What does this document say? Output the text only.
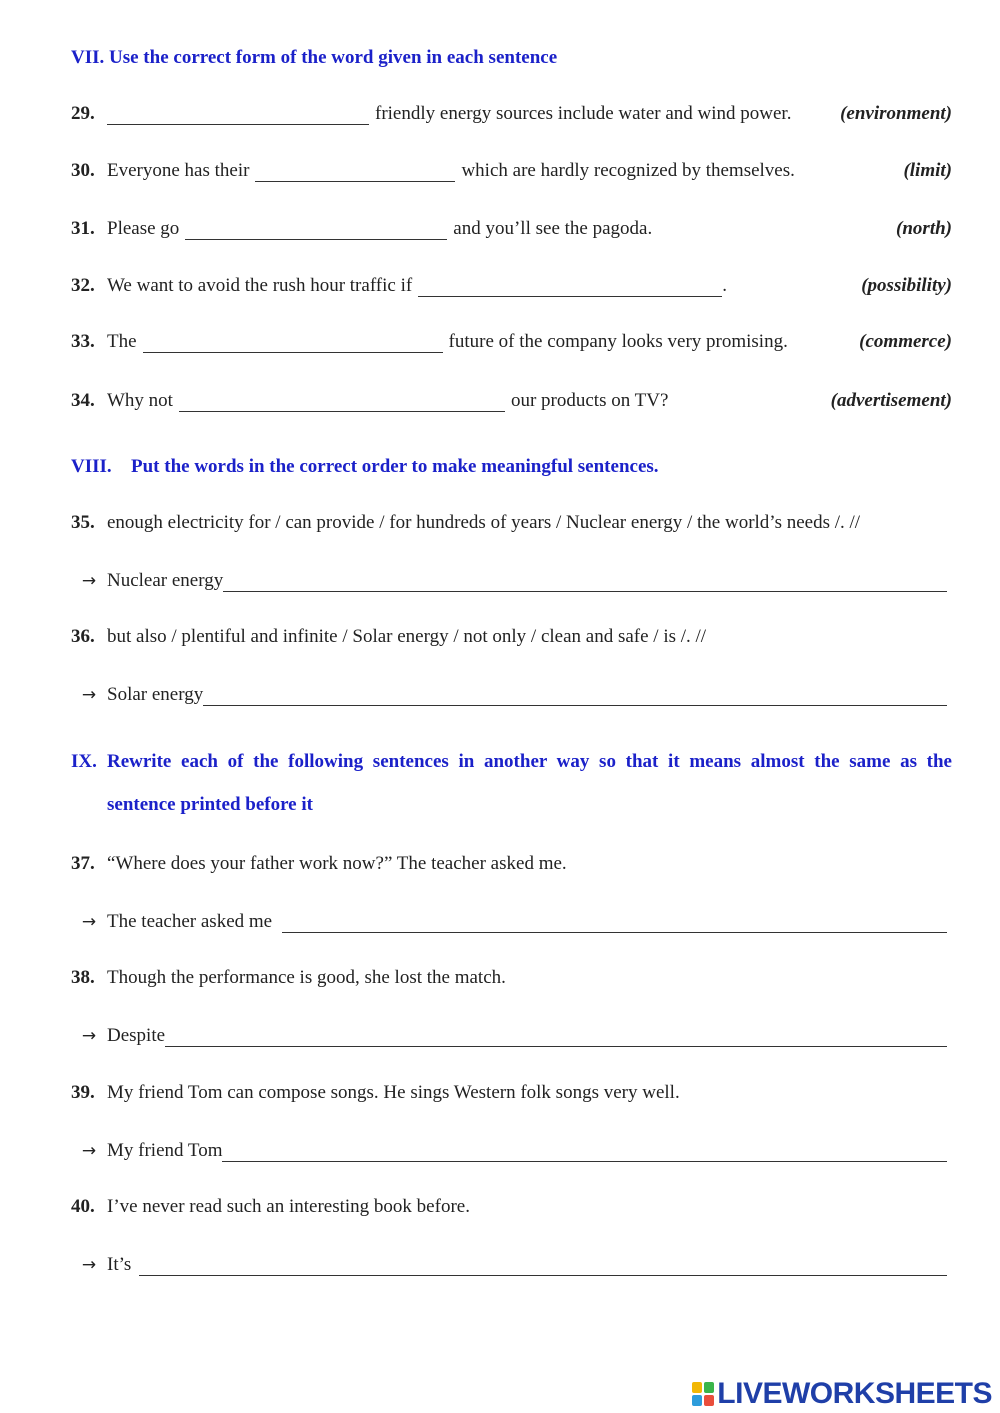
VII. Use the correct form of the word given in each sentence
29.	friendly energy sources include water and wind power.	(environment)
30. Everyone has their	which are hardly recognized by themselves.	(limit)
31. Please go	and you’ll see the pagoda.	(north)
32. We want to avoid the rush hour traffic if	.	(possibility)
33. The	future of the company looks very promising.	(commerce)
34. Why not	our products on TV?	(advertisement)
VIII.	Put the words in the correct order to make meaningful sentences.
35. enough electricity for / can provide / for hundreds of years / Nuclear energy / the world’s needs /. //
→ Nuclear energy
36. but also / plentiful and infinite / Solar energy / not only / clean and safe / is /. //
→ Solar energy
IX. Rewrite each of the following sentences in another way so that it means almost the same as the
sentence printed before it
37. “Where does your father work now?” The teacher asked me.
→ The teacher asked me
38. Though the performance is good, she lost the match.
→ Despite
39. My friend Tom can compose songs. He sings Western folk songs very well.
→ My friend Tom
40. I’ve never read such an interesting book before.
→ It’s
LIVEWORKSHEETS
